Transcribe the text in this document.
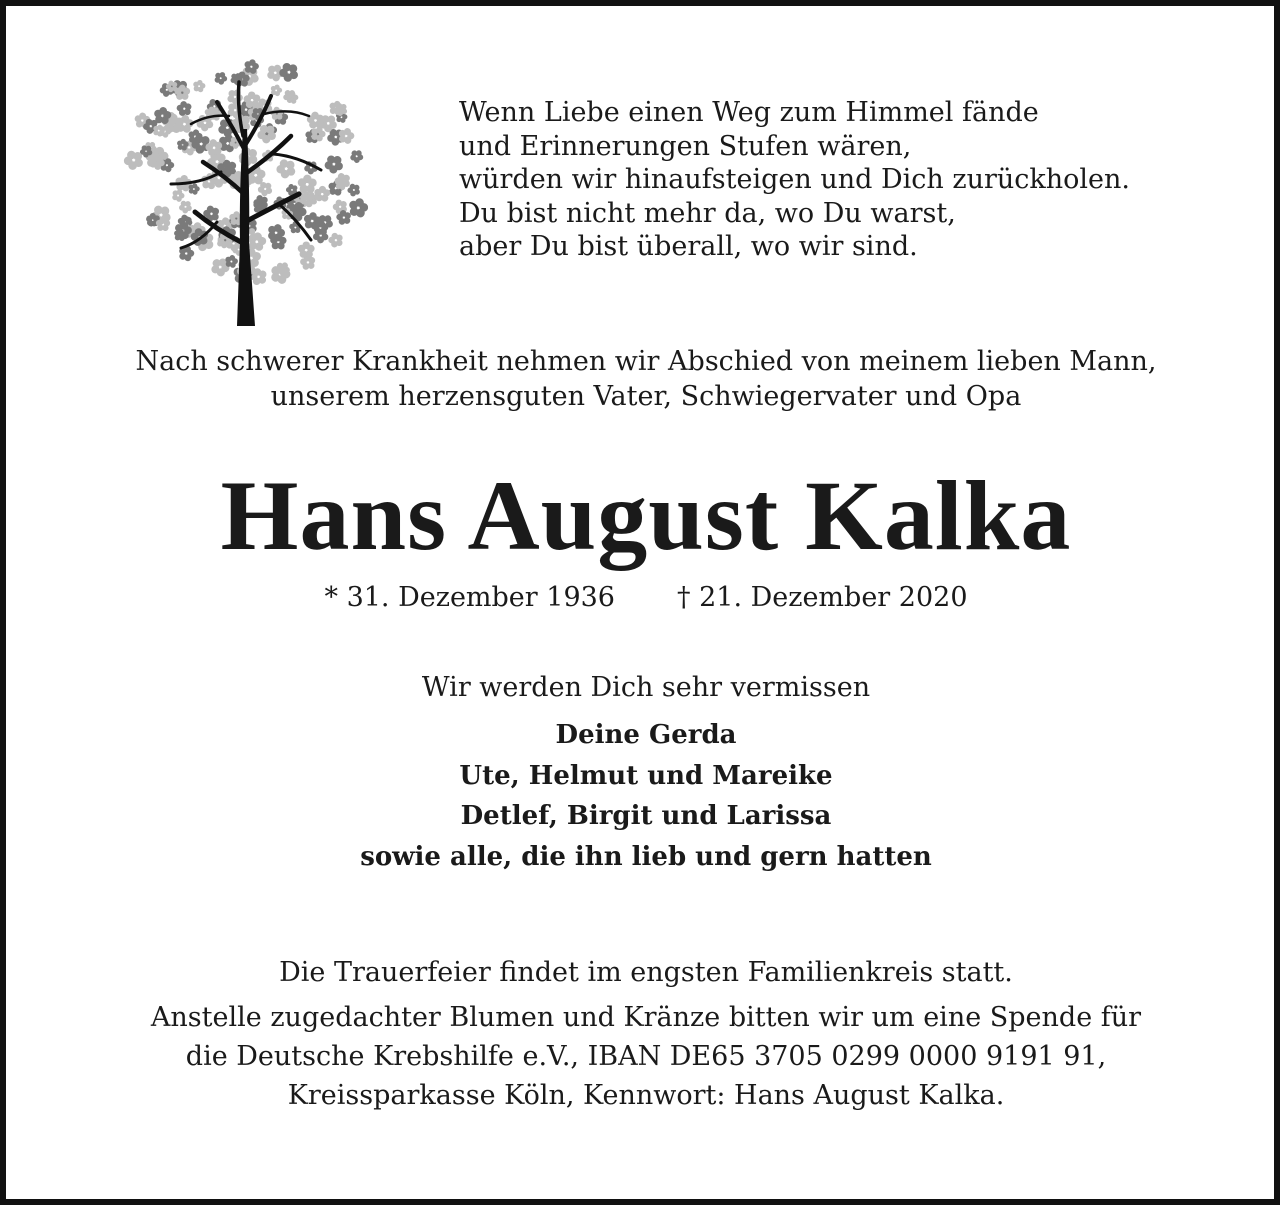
Wenn Liebe einen Weg zum Himmel fände
und Erinnerungen Stufen wären,
würden wir hinaufsteigen und Dich zurückholen.
Du bist nicht mehr da, wo Du warst,
aber Du bist überall, wo wir sind.
Nach schwerer Krankheit nehmen wir Abschied von meinem lieben Mann,
unserem herzensguten Vater, Schwiegervater und Opa
Hans August Kalka
* 31. Dezember 1936 † 21. Dezember 2020
Wir werden Dich sehr vermissen
Deine Gerda
Ute, Helmut und Mareike
Detlef, Birgit und Larissa
sowie alle, die ihn lieb und gern hatten
Die Trauerfeier findet im engsten Familienkreis statt.
Anstelle zugedachter Blumen und Kränze bitten wir um eine Spende für
die Deutsche Krebshilfe e.V., IBAN DE65 3705 0299 0000 9191 91,
Kreissparkasse Köln, Kennwort: Hans August Kalka.
